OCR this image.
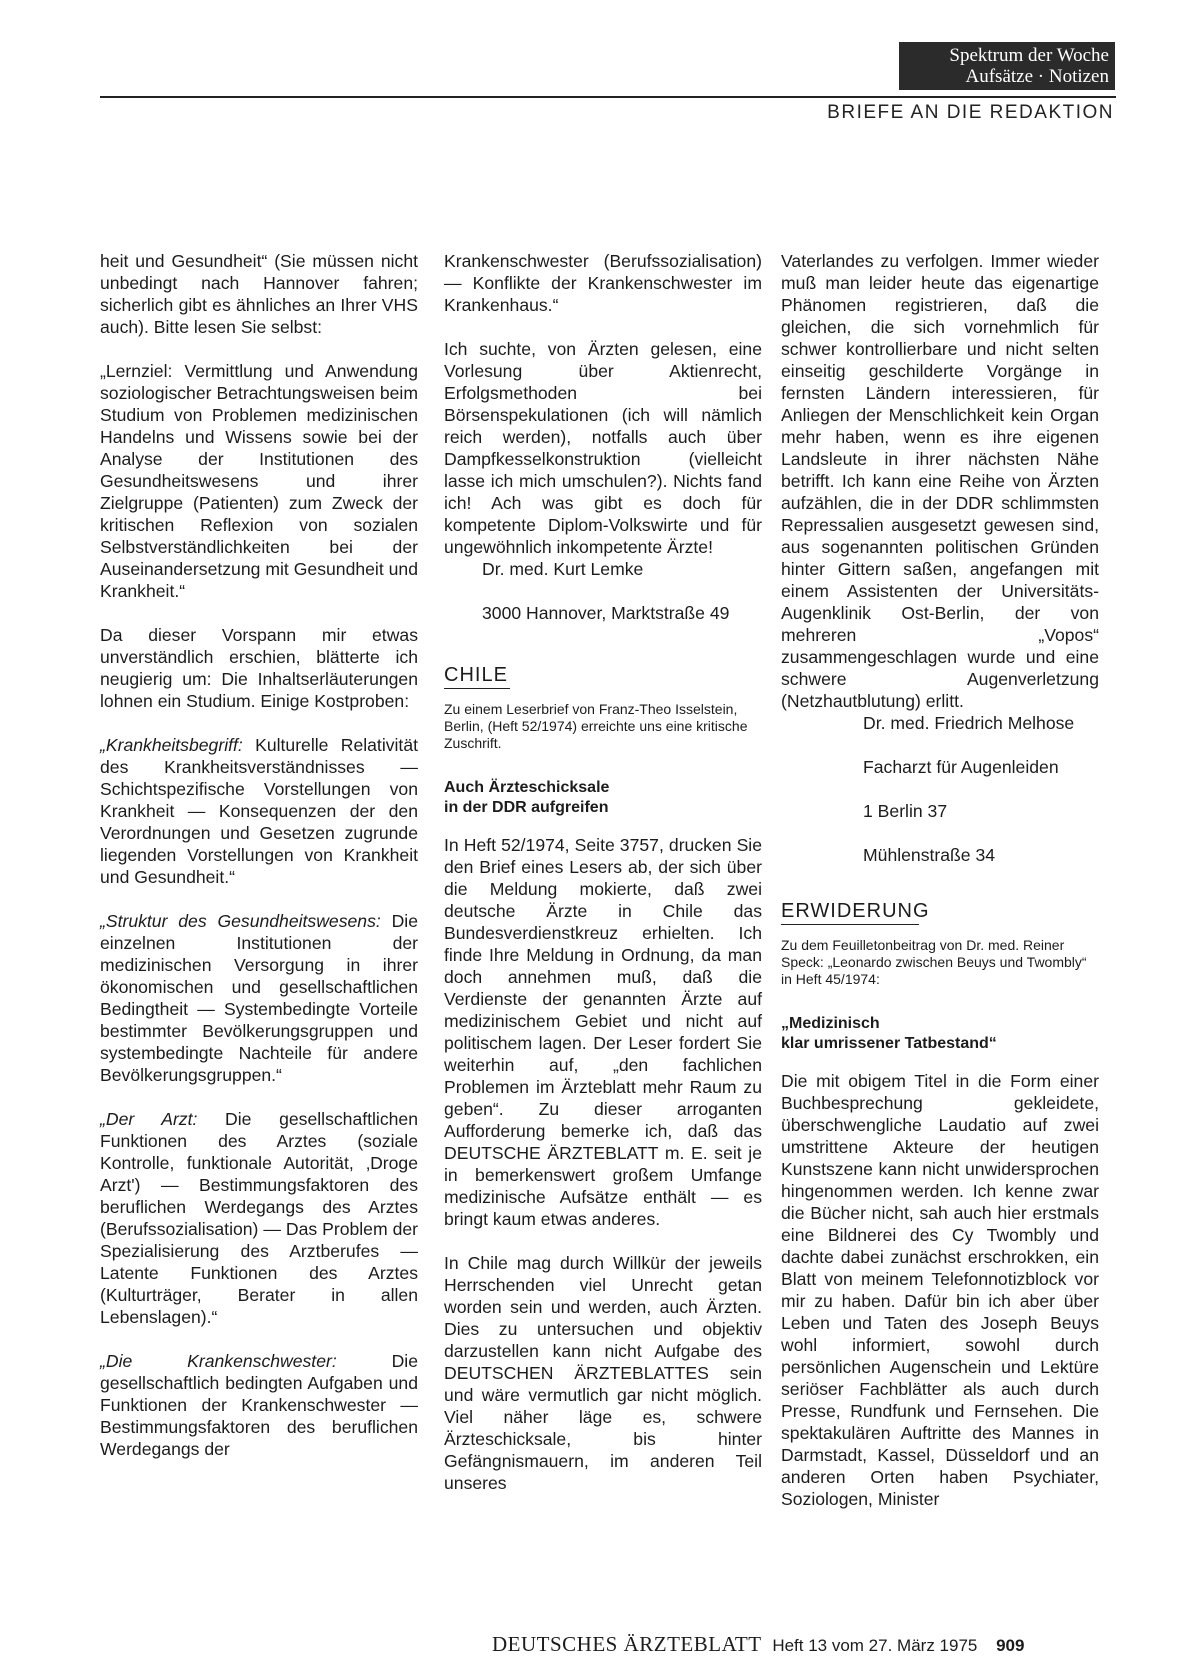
Spektrum der Woche
Aufsätze · Notizen
BRIEFE AN DIE REDAKTION

heit und Gesundheit“ (Sie müssen nicht unbedingt nach Hannover fahren; sicherlich gibt es ähnliches an Ihrer VHS auch). Bitte lesen Sie selbst:

„Lernziel: Vermittlung und Anwendung soziologischer Betrachtungsweisen beim Studium von Problemen medizinischen Handelns und Wissens sowie bei der Analyse der Institutionen des Gesundheitswesens und ihrer Zielgruppe (Patienten) zum Zweck der kritischen Reflexion von sozialen Selbstverständlichkeiten bei der Auseinandersetzung mit Gesundheit und Krankheit.“

Da dieser Vorspann mir etwas unverständlich erschien, blätterte ich neugierig um: Die Inhaltserläuterungen lohnen ein Studium. Einige Kostproben:

„Krankheitsbegriff: Kulturelle Relativität des Krankheitsverständnisses — Schichtspezifische Vorstellungen von Krankheit — Konsequenzen der den Verordnungen und Gesetzen zugrunde liegenden Vorstellungen von Krankheit und Gesundheit.“

„Struktur des Gesundheitswesens: Die einzelnen Institutionen der medizinischen Versorgung in ihrer ökonomischen und gesellschaftlichen Bedingtheit — Systembedingte Vorteile bestimmter Bevölkerungsgruppen und systembedingte Nachteile für andere Bevölkerungsgruppen.“

„Der Arzt: Die gesellschaftlichen Funktionen des Arztes (soziale Kontrolle, funktionale Autorität, ‚Droge Arzt') — Bestimmungsfaktoren des beruflichen Werdegangs des Arztes (Berufssozialisation) — Das Problem der Spezialisierung des Arztberufes — Latente Funktionen des Arztes (Kulturträger, Berater in allen Lebenslagen).“

„Die Krankenschwester: Die gesellschaftlich bedingten Aufgaben und Funktionen der Krankenschwester — Bestimmungsfaktoren des beruflichen Werdegangs der

Krankenschwester (Berufssozialisation) — Konflikte der Krankenschwester im Krankenhaus.“

Ich suchte, von Ärzten gelesen, eine Vorlesung über Aktienrecht, Erfolgsmethoden bei Börsenspekulationen (ich will nämlich reich werden), notfalls auch über Dampfkesselkonstruktion (vielleicht lasse ich mich umschulen?). Nichts fand ich! Ach was gibt es doch für kompetente Diplom-Volkswirte und für ungewöhnlich inkompetente Ärzte!

Dr. med. Kurt Lemke

3000 Hannover, Marktstraße 49

CHILE
Zu einem Leserbrief von Franz-Theo Isselstein, Berlin, (Heft 52/1974) erreichte uns eine kritische Zuschrift.
Auch Ärzteschicksale
in der DDR aufgreifen

In Heft 52/1974, Seite 3757, drucken Sie den Brief eines Lesers ab, der sich über die Meldung mokierte, daß zwei deutsche Ärzte in Chile das Bundesverdienstkreuz erhielten. Ich finde Ihre Meldung in Ordnung, da man doch annehmen muß, daß die Verdienste der genannten Ärzte auf medizinischem Gebiet und nicht auf politischem lagen. Der Leser fordert Sie weiterhin auf, „den fachlichen Problemen im Ärzteblatt mehr Raum zu geben“. Zu dieser arroganten Aufforderung bemerke ich, daß das DEUTSCHE ÄRZTEBLATT m. E. seit je in bemerkenswert großem Umfange medizinische Aufsätze enthält — es bringt kaum etwas anderes.

In Chile mag durch Willkür der jeweils Herrschenden viel Unrecht getan worden sein und werden, auch Ärzten. Dies zu untersuchen und objektiv darzustellen kann nicht Aufgabe des DEUTSCHEN ÄRZTEBLATTES sein und wäre vermutlich gar nicht möglich. Viel näher läge es, schwere Ärzteschicksale, bis hinter Gefängnismauern, im anderen Teil unseres

Vaterlandes zu verfolgen. Immer wieder muß man leider heute das eigenartige Phänomen registrieren, daß die gleichen, die sich vornehmlich für schwer kontrollierbare und nicht selten einseitig geschilderte Vorgänge in fernsten Ländern interessieren, für Anliegen der Menschlichkeit kein Organ mehr haben, wenn es ihre eigenen Landsleute in ihrer nächsten Nähe betrifft. Ich kann eine Reihe von Ärzten aufzählen, die in der DDR schlimmsten Repressalien ausgesetzt gewesen sind, aus sogenannten politischen Gründen hinter Gittern saßen, angefangen mit einem Assistenten der Universitäts-Augenklinik Ost-Berlin, der von mehreren „Vopos“ zusammengeschlagen wurde und eine schwere Augenverletzung (Netzhautblutung) erlitt.

Dr. med. Friedrich Melhose

Facharzt für Augenleiden

1 Berlin 37

Mühlenstraße 34

ERWIDERUNG
Zu dem Feuilletonbeitrag von Dr. med. Reiner Speck: „Leonardo zwischen Beuys und Twombly“ in Heft 45/1974:
„Medizinisch
klar umrissener Tatbestand“

Die mit obigem Titel in die Form einer Buchbesprechung gekleidete, überschwengliche Laudatio auf zwei umstrittene Akteure der heutigen Kunstszene kann nicht unwidersprochen hingenommen werden. Ich kenne zwar die Bücher nicht, sah auch hier erstmals eine Bildnerei des Cy Twombly und dachte dabei zunächst erschrokken, ein Blatt von meinem Telefonnotizblock vor mir zu haben. Dafür bin ich aber über Leben und Taten des Joseph Beuys wohl informiert, sowohl durch persönlichen Augenschein und Lektüre seriöser Fachblätter als auch durch Presse, Rundfunk und Fernsehen. Die spektakulären Auftritte des Mannes in Darmstadt, Kassel, Düsseldorf und an anderen Orten haben Psychiater, Soziologen, Minister

DEUTSCHES ÄRZTEBLATT Heft 13 vom 27. März 1975 909
